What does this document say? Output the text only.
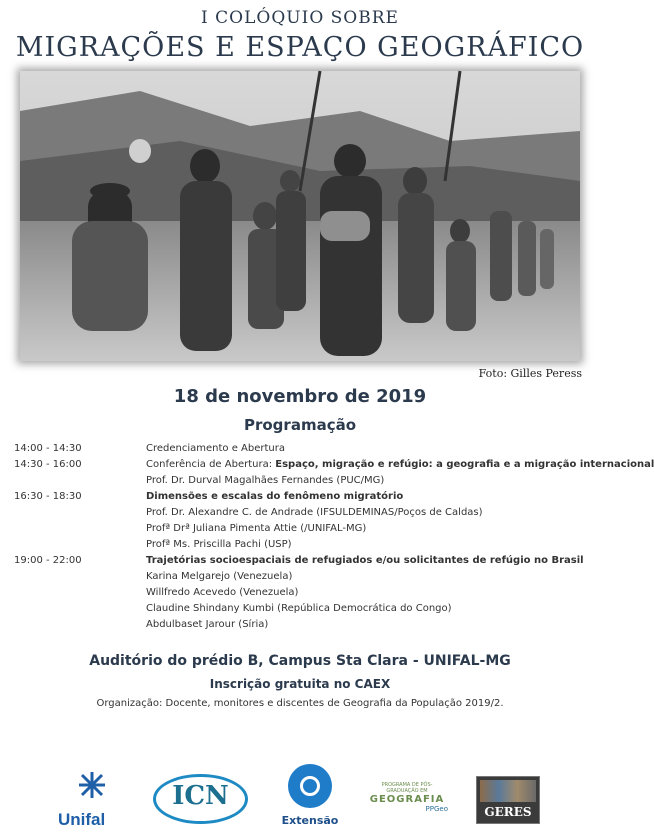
I COLÓQUIO SOBRE
MIGRAÇÕES E ESPAÇO GEOGRÁFICO
Foto: Gilles Peress
18 de novembro de 2019
Programação
14:00 - 14:30	Credenciamento e Abertura
14:30 - 16:00	Conferência de Abertura: Espaço, migração e refúgio: a geografia e a migração internacional
Prof. Dr. Durval Magalhães Fernandes (PUC/MG)
16:30 - 18:30	Dimensões e escalas do fenômeno migratório
Prof. Dr. Alexandre C. de Andrade (IFSULDEMINAS/Poços de Caldas)
Profª Drª Juliana Pimenta Attie (/UNIFAL-MG)
Profª Ms. Priscilla Pachi (USP)
19:00 - 22:00	Trajetórias socioespaciais de refugiados e/ou solicitantes de refúgio no Brasil
Karina Melgarejo (Venezuela)
Willfredo Acevedo (Venezuela)
Claudine Shindany Kumbi (República Democrática do Congo)
Abdulbaset Jarour (Síria)
Auditório do prédio B, Campus Sta Clara - UNIFAL-MG
Inscrição gratuita no CAEX
Organização: Docente, monitores e discentes de Geografia da População 2019/2.
Unifal
ICN
Extensão
PROGRAMA DE PÓS-GRADUAÇÃO EM
GEOGRAFIA
PPGeo	GERES
